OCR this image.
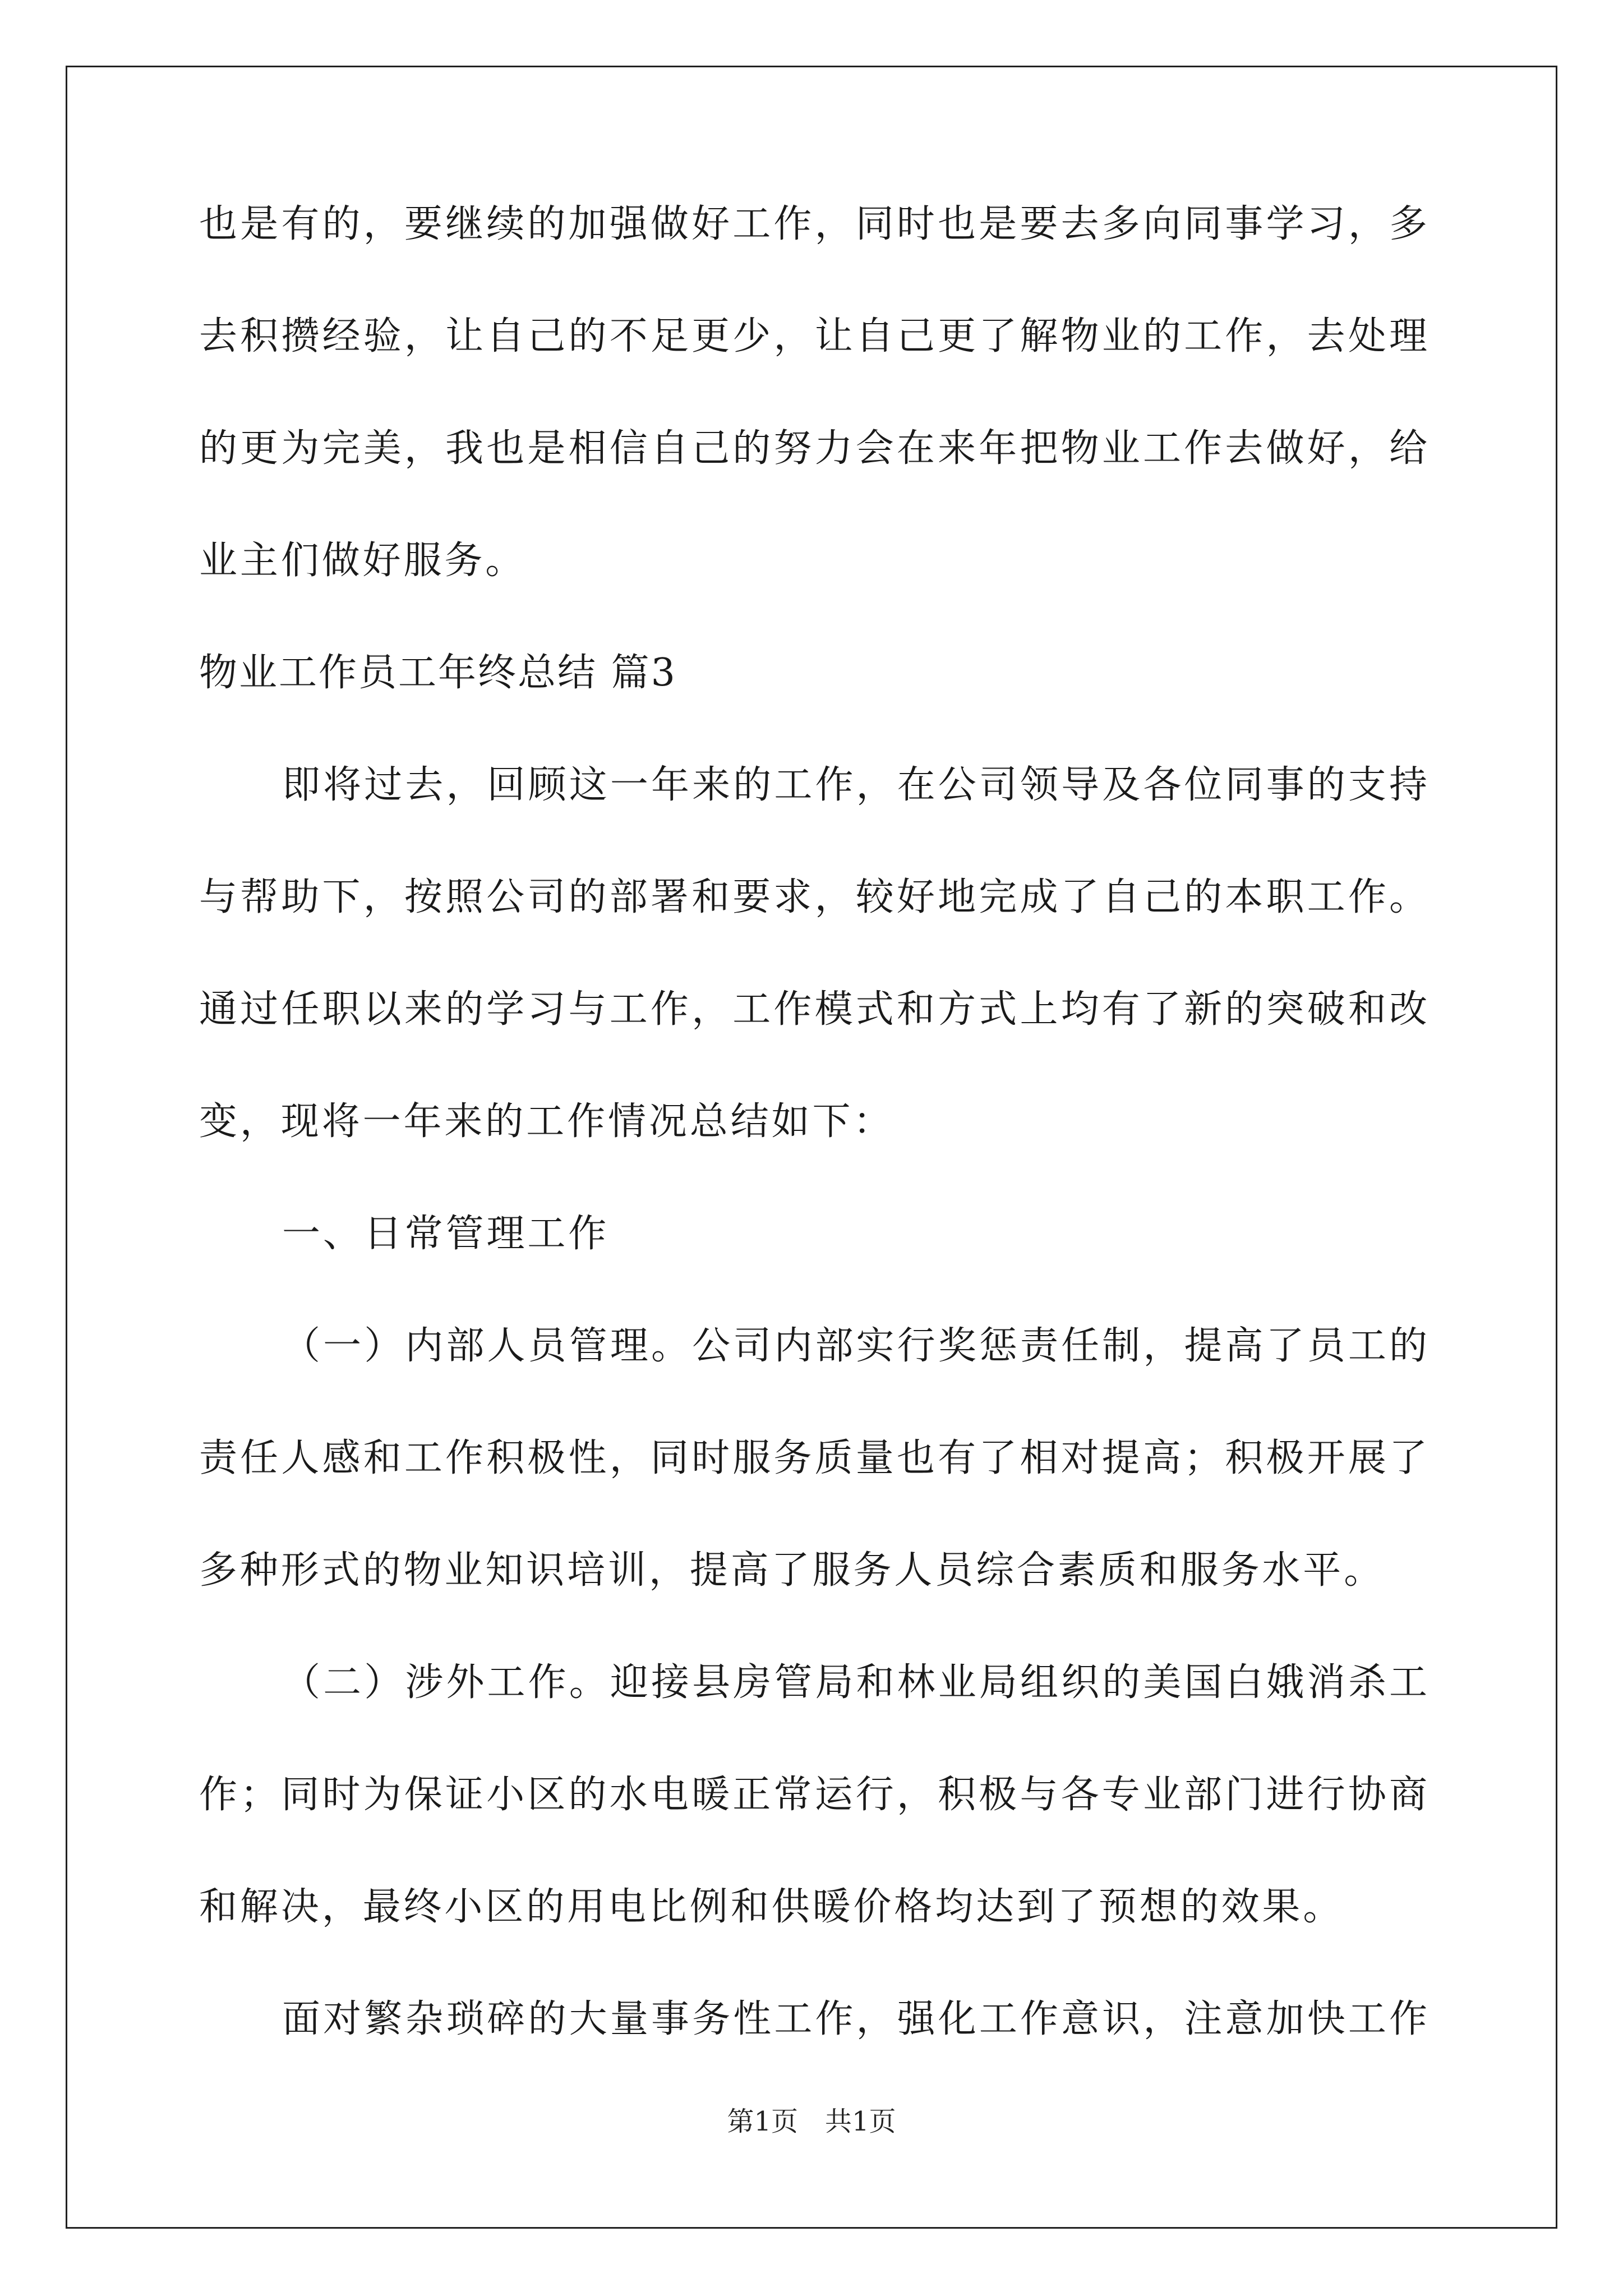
也是有的，要继续的加强做好工作，同时也是要去多向同事学习，多
去积攒经验，让自己的不足更少，让自己更了解物业的工作，去处理
的更为完美，我也是相信自己的努力会在来年把物业工作去做好，给
业主们做好服务。
物业工作员工年终总结 篇3
即将过去，回顾这一年来的工作，在公司领导及各位同事的支持
与帮助下，按照公司的部署和要求，较好地完成了自己的本职工作。
通过任职以来的学习与工作，工作模式和方式上均有了新的突破和改
变，现将一年来的工作情况总结如下：
一、日常管理工作
（一）内部人员管理。公司内部实行奖惩责任制，提高了员工的
责任人感和工作积极性，同时服务质量也有了相对提高；积极开展了
多种形式的物业知识培训，提高了服务人员综合素质和服务水平。
（二）涉外工作。迎接县房管局和林业局组织的美国白娥消杀工
作；同时为保证小区的水电暖正常运行，积极与各专业部门进行协商
和解决，最终小区的用电比例和供暖价格均达到了预想的效果。
面对繁杂琐碎的大量事务性工作，强化工作意识，注意加快工作
第1页 共1页
